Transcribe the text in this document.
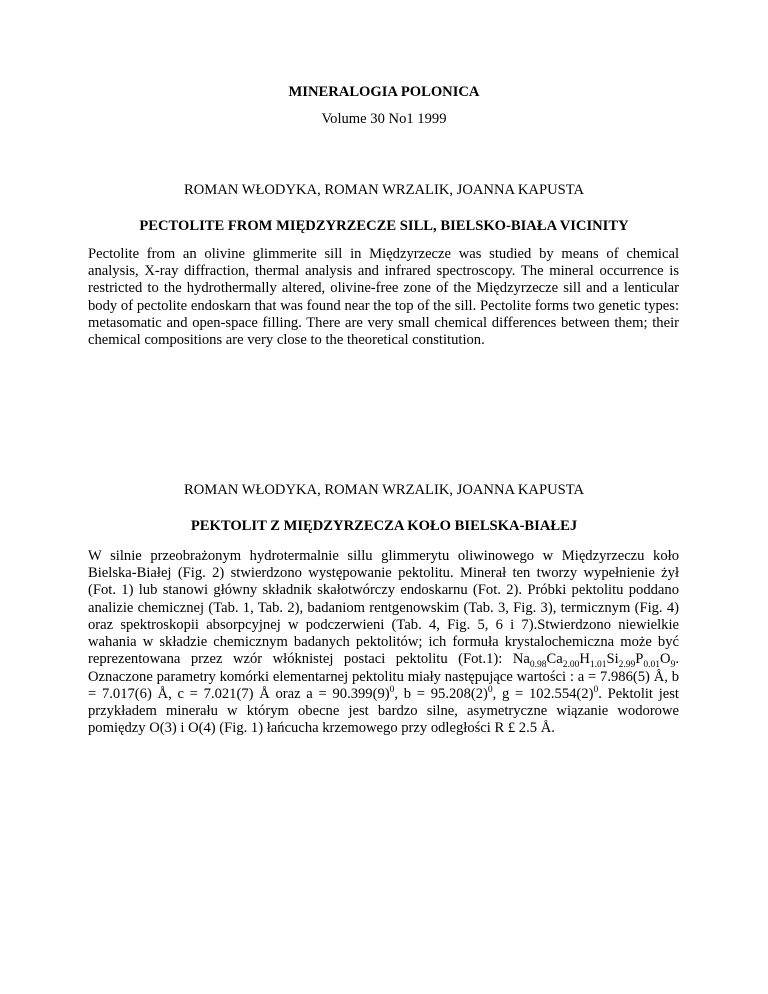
MINERALOGIA POLONICA
Volume 30 No1 1999
ROMAN WŁODYKA, ROMAN WRZALIK, JOANNA KAPUSTA
PECTOLITE FROM MIĘDZYRZECZE SILL, BIELSKO-BIAŁA VICINITY

Pectolite from an olivine glimmerite sill in Międzyrzecze was studied by means of chemical analysis, X-ray diffraction, thermal analysis and infrared spectroscopy. The mineral occurrence is restricted to the hydrothermally altered, olivine-free zone of the Międzyrzecze sill and a lenticular body of pectolite endoskarn that was found near the top of the sill. Pectolite forms two genetic types: metasomatic and open-space filling. There are very small chemical differences between them; their chemical compositions are very close to the theoretical constitution.

ROMAN WŁODYKA, ROMAN WRZALIK, JOANNA KAPUSTA
PEKTOLIT Z MIĘDZYRZECZA KOŁO BIELSKA-BIAŁEJ

W silnie przeobrażonym hydrotermalnie sillu glimmerytu oliwinowego w Międzyrzeczu koło Bielska-Białej (Fig. 2) stwierdzono występowanie pektolitu. Minerał ten tworzy wypełnienie żył (Fot. 1) lub stanowi główny składnik skałotwórczy endoskarnu (Fot. 2). Próbki pektolitu poddano analizie chemicznej (Tab. 1, Tab. 2), badaniom rentgenowskim (Tab. 3, Fig. 3), termicznym (Fig. 4) oraz spektroskopii absorpcyjnej w podczerwieni (Tab. 4, Fig. 5, 6 i 7).Stwierdzono niewielkie wahania w składzie chemicznym badanych pektolitów; ich formuła krystalochemiczna może być reprezentowana przez wzór włóknistej postaci pektolitu (Fot.1): $Na_{0.98}Ca_{2.00}H_{1.01}Si_{2.99}P_{0.01}O_9$. Oznaczone parametry komórki elementarnej pektolitu miały następujące wartości : a = 7.986(5) Å, b = 7.017(6) Å, c = 7.021(7) Å oraz $a = 90.399(9)^0$, $b = 95.208(2)^0$, $g = 102.554(2)^0$. Pektolit jest przykładem minerału w którym obecne jest bardzo silne, asymetryczne wiązanie wodorowe pomiędzy O(3) i O(4) (Fig. 1) łańcucha krzemowego przy odległości R £ 2.5 Å.
